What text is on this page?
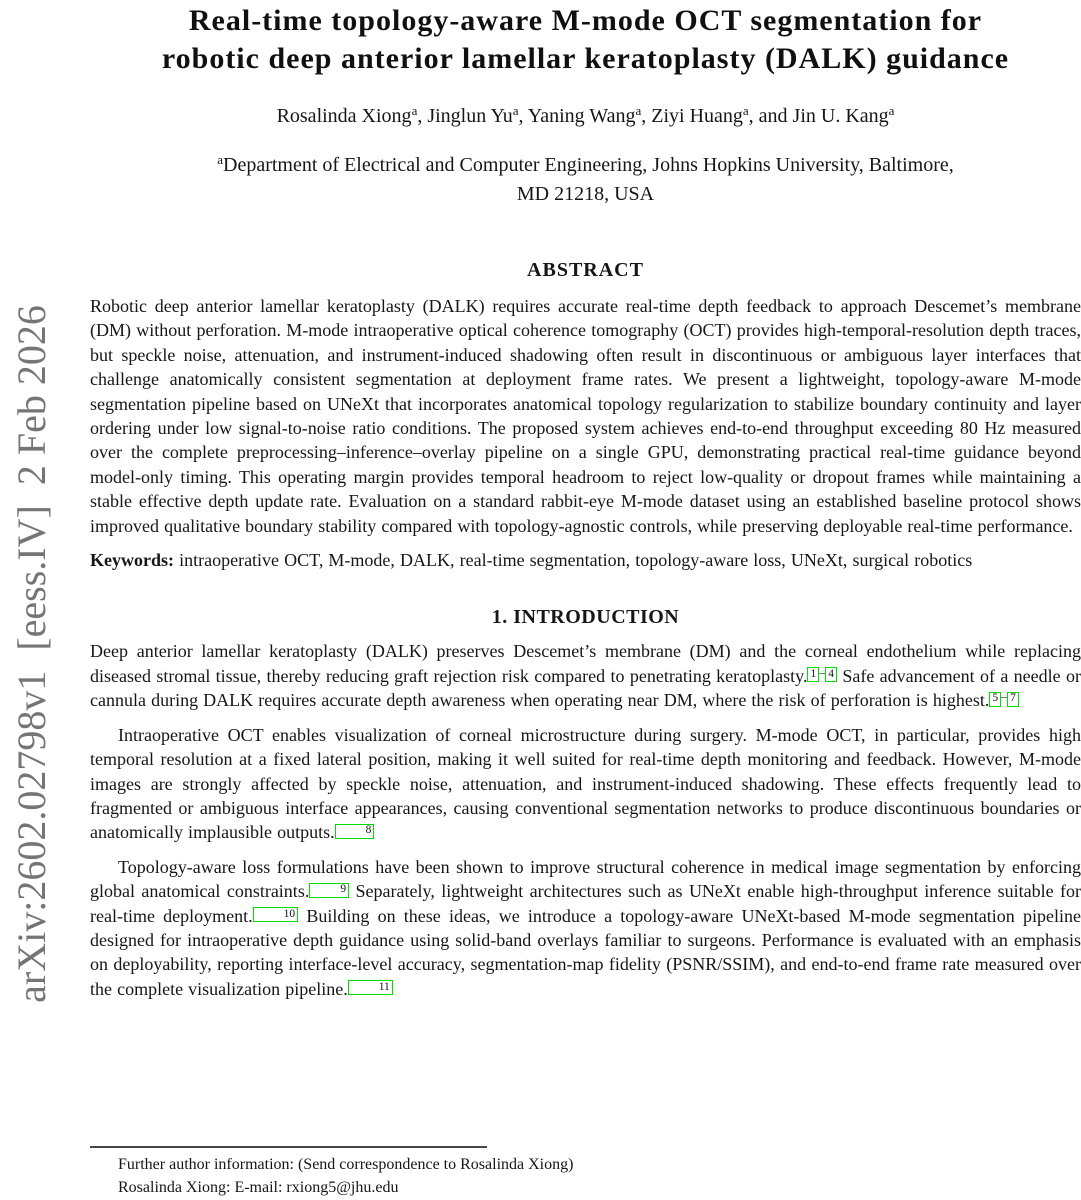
arXiv:2602.02798v1  [eess.IV]  2 Feb 2026
Real-time topology-aware M-mode OCT segmentation for
robotic deep anterior lamellar keratoplasty (DALK) guidance
Rosalinda Xiong$^a$, Jinglun Yu$^a$, Yaning Wang$^a$, Ziyi Huang$^a$, and Jin U. Kang$^a$
$^a$Department of Electrical and Computer Engineering, Johns Hopkins University, Baltimore,
MD 21218, USA
ABSTRACT

Robotic deep anterior lamellar keratoplasty (DALK) requires accurate real-time depth feedback to approach Descemet’s membrane (DM) without perforation. M-mode intraoperative optical coherence tomography (OCT) provides high-temporal-resolution depth traces, but speckle noise, attenuation, and instrument-induced shadowing often result in discontinuous or ambiguous layer interfaces that challenge anatomically consistent segmentation at deployment frame rates. We present a lightweight, topology-aware M-mode segmentation pipeline based on UNeXt that incorporates anatomical topology regularization to stabilize boundary continuity and layer ordering under low signal-to-noise ratio conditions. The proposed system achieves end-to-end throughput exceeding 80 Hz measured over the complete preprocessing–inference–overlay pipeline on a single GPU, demonstrating practical real-time guidance beyond model-only timing. This operating margin provides temporal headroom to reject low-quality or dropout frames while maintaining a stable effective depth update rate. Evaluation on a standard rabbit-eye M-mode dataset using an established baseline protocol shows improved qualitative boundary stability compared with topology-agnostic controls, while preserving deployable real-time performance.

Keywords: intraoperative OCT, M-mode, DALK, real-time segmentation, topology-aware loss, UNeXt, surgical robotics

1. INTRODUCTION

Deep anterior lamellar keratoplasty (DALK) preserves Descemet’s membrane (DM) and the corneal endothelium while replacing diseased stromal tissue, thereby reducing graft rejection risk compared to penetrating keratoplasty. $^1$ – $^4$ Safe advancement of a needle or cannula during DALK requires accurate depth awareness when operating near DM, where the risk of perforation is highest. $^5$ – $^7$

Intraoperative OCT enables visualization of corneal microstructure during surgery. M-mode OCT, in particular, provides high temporal resolution at a fixed lateral position, making it well suited for real-time depth monitoring and feedback. However, M-mode images are strongly affected by speckle noise, attenuation, and instrument-induced shadowing. These effects frequently lead to fragmented or ambiguous interface appearances, causing conventional segmentation networks to produce discontinuous boundaries or anatomically implausible outputs.	$^8$

Topology-aware loss formulations have been shown to improve structural coherence in medical image segmentation by enforcing global anatomical constraints.	$^9$ Separately, lightweight architectures such as UNeXt enable high-throughput inference suitable for real-time deployment.	$^{10}$ Building on these ideas, we introduce a topology-aware UNeXt-based M-mode segmentation pipeline designed for intraoperative depth guidance using solid-band overlays familiar to surgeons. Performance is evaluated with an emphasis on deployability, reporting interface-level accuracy, segmentation-map fidelity (PSNR/SSIM), and end-to-end frame rate measured over the complete visualization pipeline.	$^{11}$

Further author information: (Send correspondence to Rosalinda Xiong)
Rosalinda Xiong: E-mail: rxiong5@jhu.edu
